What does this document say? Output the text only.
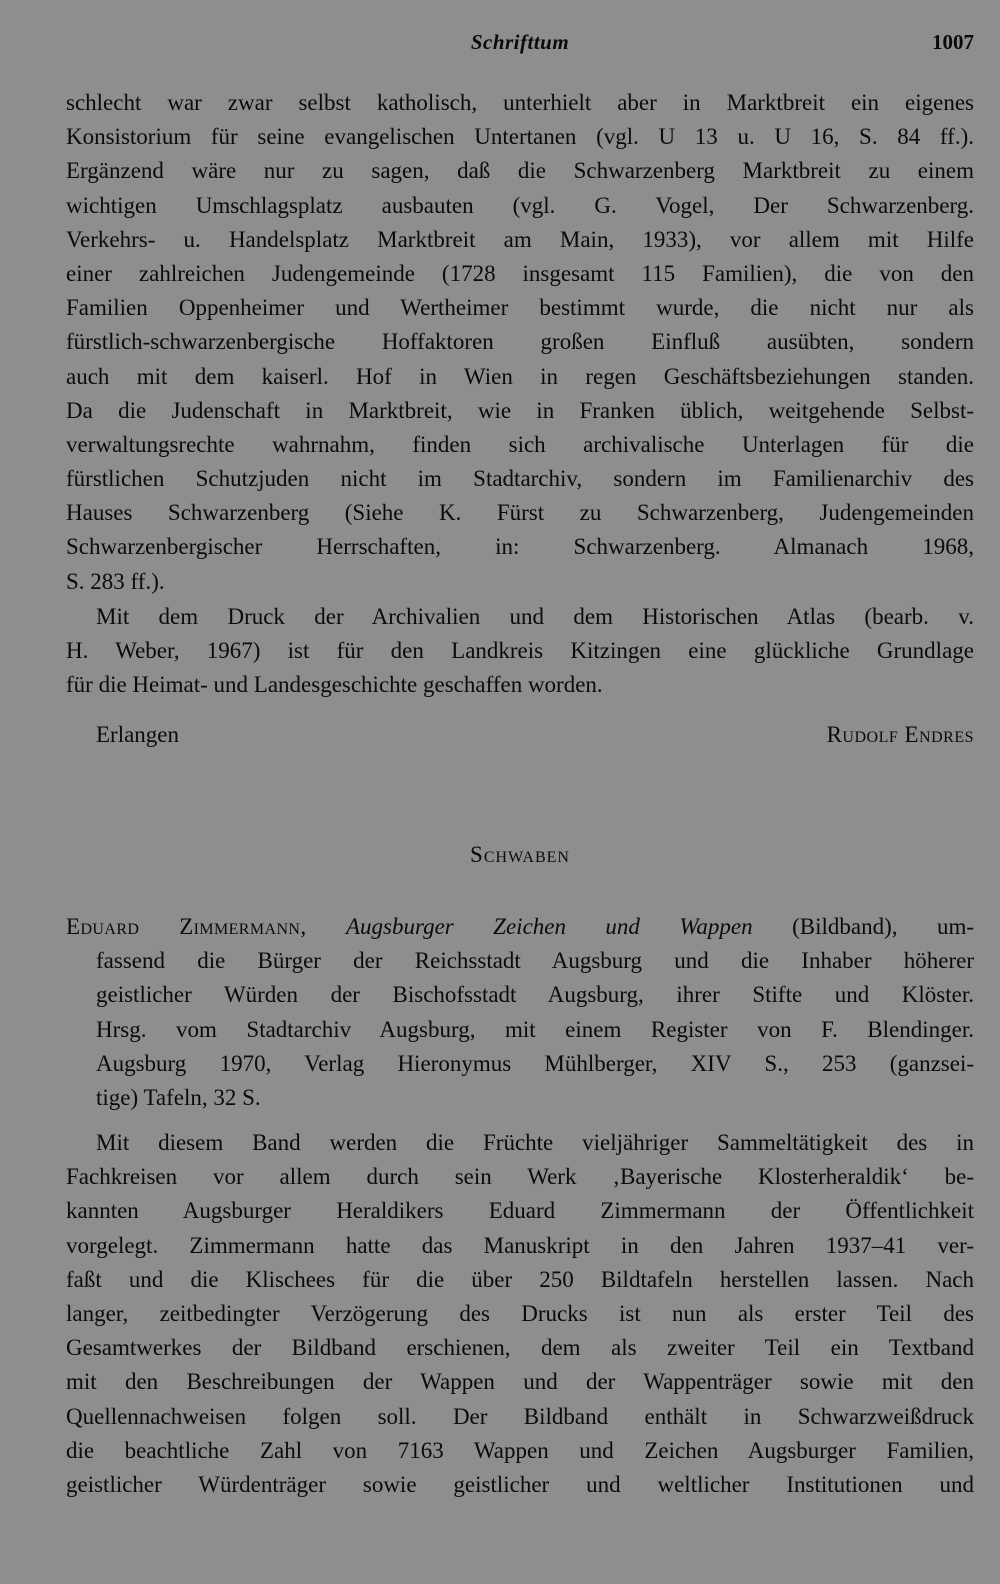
Schrifttum	1007
schlecht war zwar selbst katholisch, unterhielt aber in Marktbreit ein eigenes
Konsistorium für seine evangelischen Untertanen (vgl. U 13 u. U 16, S. 84 ff.).
Ergänzend wäre nur zu sagen, daß die Schwarzenberg Marktbreit zu einem
wichtigen Umschlagsplatz ausbauten (vgl. G. Vogel, Der Schwarzenberg.
Verkehrs- u. Handelsplatz Marktbreit am Main, 1933), vor allem mit Hilfe
einer zahlreichen Judengemeinde (1728 insgesamt 115 Familien), die von den
Familien Oppenheimer und Wertheimer bestimmt wurde, die nicht nur als
fürstlich-schwarzenbergische Hoffaktoren großen Einfluß ausübten, sondern
auch mit dem kaiserl. Hof in Wien in regen Geschäftsbeziehungen standen.
Da die Judenschaft in Marktbreit, wie in Franken üblich, weitgehende Selbst-
verwaltungsrechte wahrnahm, finden sich archivalische Unterlagen für die
fürstlichen Schutzjuden nicht im Stadtarchiv, sondern im Familienarchiv des
Hauses Schwarzenberg (Siehe K. Fürst zu Schwarzenberg, Judengemeinden
Schwarzenbergischer Herrschaften, in: Schwarzenberg. Almanach 1968,
S. 283 ff.).
Mit dem Druck der Archivalien und dem Historischen Atlas (bearb. v.
H. Weber, 1967) ist für den Landkreis Kitzingen eine glückliche Grundlage
für die Heimat- und Landesgeschichte geschaffen worden.
Erlangen	Rudolf Endres
Schwaben
Eduard Zimmermann, Augsburger Zeichen und Wappen (Bildband), um-
fassend die Bürger der Reichsstadt Augsburg und die Inhaber höherer
geistlicher Würden der Bischofsstadt Augsburg, ihrer Stifte und Klöster.
Hrsg. vom Stadtarchiv Augsburg, mit einem Register von F. Blendinger.
Augsburg 1970, Verlag Hieronymus Mühlberger, XIV S., 253 (ganzsei-
tige) Tafeln, 32 S.
Mit diesem Band werden die Früchte vieljähriger Sammeltätigkeit des in
Fachkreisen vor allem durch sein Werk ‚Bayerische Klosterheraldik‘ be-
kannten Augsburger Heraldikers Eduard Zimmermann der Öffentlichkeit
vorgelegt. Zimmermann hatte das Manuskript in den Jahren 1937–41 ver-
faßt und die Klischees für die über 250 Bildtafeln herstellen lassen. Nach
langer, zeitbedingter Verzögerung des Drucks ist nun als erster Teil des
Gesamtwerkes der Bildband erschienen, dem als zweiter Teil ein Textband
mit den Beschreibungen der Wappen und der Wappenträger sowie mit den
Quellennachweisen folgen soll. Der Bildband enthält in Schwarzweißdruck
die beachtliche Zahl von 7163 Wappen und Zeichen Augsburger Familien,
geistlicher Würdenträger sowie geistlicher und weltlicher Institutionen und
